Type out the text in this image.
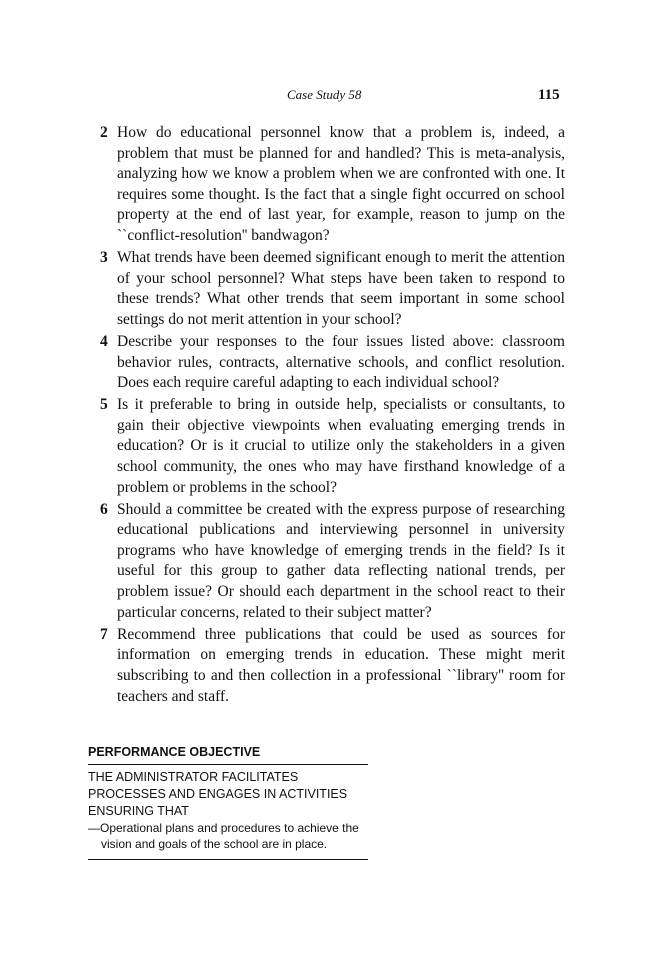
Case Study 58	115
2 How do educational personnel know that a problem is, indeed, a problem that must be planned for and handled? This is meta-analysis, analyzing how we know a problem when we are confronted with one. It requires some thought. Is the fact that a single fight occurred on school property at the end of last year, for example, reason to jump on the ``conflict-resolution'' bandwagon?
3 What trends have been deemed significant enough to merit the attention of your school personnel? What steps have been taken to respond to these trends? What other trends that seem important in some school settings do not merit attention in your school?
4 Describe your responses to the four issues listed above: classroom behavior rules, contracts, alternative schools, and conflict resolution. Does each require careful adapting to each individual school?
5 Is it preferable to bring in outside help, specialists or consultants, to gain their objective viewpoints when evaluating emerging trends in education? Or is it crucial to utilize only the stakeholders in a given school community, the ones who may have firsthand knowledge of a problem or problems in the school?
6 Should a committee be created with the express purpose of researching educational publications and interviewing personnel in university programs who have knowledge of emerging trends in the field? Is it useful for this group to gather data reflecting national trends, per problem issue? Or should each department in the school react to their particular concerns, related to their subject matter?
7 Recommend three publications that could be used as sources for information on emerging trends in education. These might merit subscribing to and then collection in a professional ``library'' room for teachers and staff.
PERFORMANCE OBJECTIVE
THE ADMINISTRATOR FACILITATES PROCESSES AND ENGAGES IN ACTIVITIES ENSURING THAT
—Operational plans and procedures to achieve the vision and goals of the school are in place.
